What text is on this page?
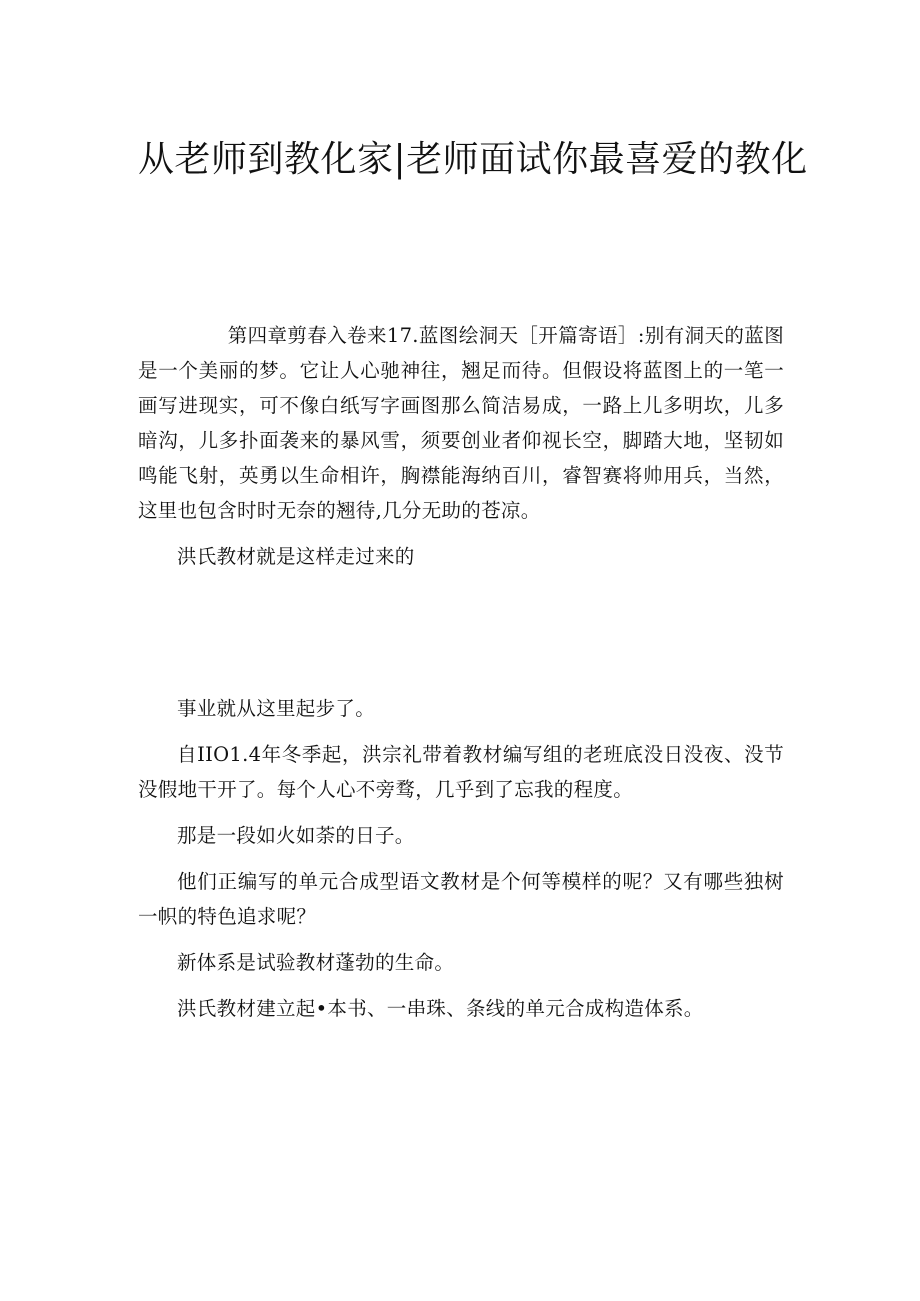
从老师到教化家|老师面试你最喜爱的教化

第四章剪春入卷来17.蓝图绘洞天［开篇寄语］:别有洞天的蓝图是一个美丽的梦。它让人心驰神往，翘足而待。但假设将蓝图上的一笔一画写进现实，可不像白纸写字画图那么简洁易成，一路上儿多明坎，儿多暗沟，儿多扑面袭来的暴风雪，须要创业者仰视长空，脚踏大地，坚韧如鸣能飞射，英勇以生命相许，胸襟能海纳百川，睿智赛将帅用兵，当然，这里也包含时时无奈的翘待,几分无助的苍凉。

洪氏教材就是这样走过来的

事业就从这里起步了。

自IIO1.4年冬季起，洪宗礼带着教材编写组的老班底没日没夜、没节没假地干开了。每个人心不旁骛，几乎到了忘我的程度。

那是一段如火如荼的日子。

他们正编写的单元合成型语文教材是个何等模样的呢？又有哪些独树一帜的特色追求呢？

新体系是试验教材蓬勃的生命。

洪氏教材建立起•本书、一串珠、条线的单元合成构造体系。
